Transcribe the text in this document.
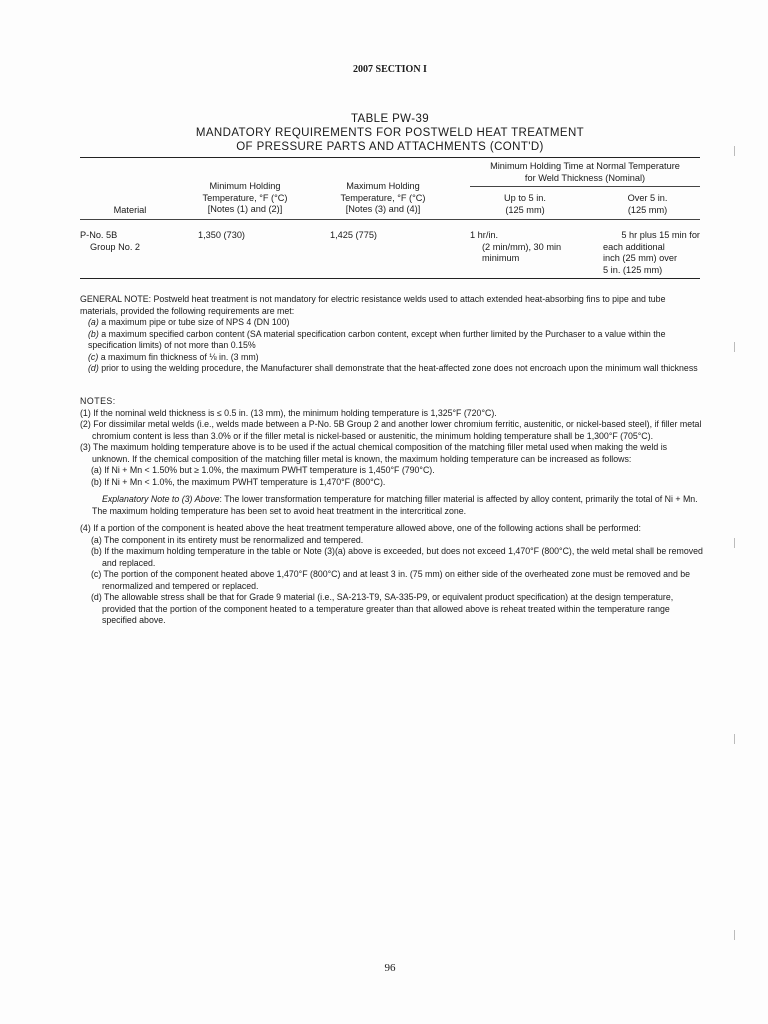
2007 SECTION I
TABLE PW-39
MANDATORY REQUIREMENTS FOR POSTWELD HEAT TREATMENT
OF PRESSURE PARTS AND ATTACHMENTS (CONT'D)
Material
Minimum Holding
Temperature, °F (°C)
[Notes (1) and (2)]
Maximum Holding
Temperature, °F (°C)
[Notes (3) and (4)]
Minimum Holding Time at Normal Temperature
for Weld Thickness (Nominal)
Up to 5 in.
(125 mm)
Over 5 in.
(125 mm)
P-No. 5B
Group No. 2
1,350 (730)	1,425 (775)	1 hr/in.
(2 min/mm), 30 min
minimum
5 hr plus 15 min for
each additional
inch (25 mm) over
5 in. (125 mm)

GENERAL NOTE: Postweld heat treatment is not mandatory for electric resistance welds used to attach extended heat-absorbing fins to pipe and tube materials, provided the following requirements are met:

(a) a maximum pipe or tube size of NPS 4 (DN 100)

(b) a maximum specified carbon content (SA material specification carbon content, except when further limited by the Purchaser to a value within the specification limits) of not more than 0.15%

(c) a maximum fin thickness of ⅛ in. (3 mm)

(d) prior to using the welding procedure, the Manufacturer shall demonstrate that the heat-affected zone does not encroach upon the minimum wall thickness

NOTES:

(1) If the nominal weld thickness is ≤ 0.5 in. (13 mm), the minimum holding temperature is 1,325°F (720°C).

(2) For dissimilar metal welds (i.e., welds made between a P-No. 5B Group 2 and another lower chromium ferritic, austenitic, or nickel-based steel), if filler metal chromium content is less than 3.0% or if the filler metal is nickel-based or austenitic, the minimum holding temperature shall be 1,300°F (705°C).

(3) The maximum holding temperature above is to be used if the actual chemical composition of the matching filler metal used when making the weld is unknown. If the chemical composition of the matching filler metal is known, the maximum holding temperature can be increased as follows:

(a) If Ni + Mn < 1.50% but ≥ 1.0%, the maximum PWHT temperature is 1,450°F (790°C).

(b) If Ni + Mn < 1.0%, the maximum PWHT temperature is 1,470°F (800°C).

Explanatory Note to (3) Above: The lower transformation temperature for matching filler material is affected by alloy content, primarily the total of Ni + Mn. The maximum holding temperature has been set to avoid heat treatment in the intercritical zone.

(4) If a portion of the component is heated above the heat treatment temperature allowed above, one of the following actions shall be performed:

(a) The component in its entirety must be renormalized and tempered.

(b) If the maximum holding temperature in the table or Note (3)(a) above is exceeded, but does not exceed 1,470°F (800°C), the weld metal shall be removed and replaced.

(c) The portion of the component heated above 1,470°F (800°C) and at least 3 in. (75 mm) on either side of the overheated zone must be removed and be renormalized and tempered or replaced.

(d) The allowable stress shall be that for Grade 9 material (i.e., SA-213-T9, SA-335-P9, or equivalent product specification) at the design temperature, provided that the portion of the component heated to a temperature greater than that allowed above is reheat treated within the temperature range specified above.

96
